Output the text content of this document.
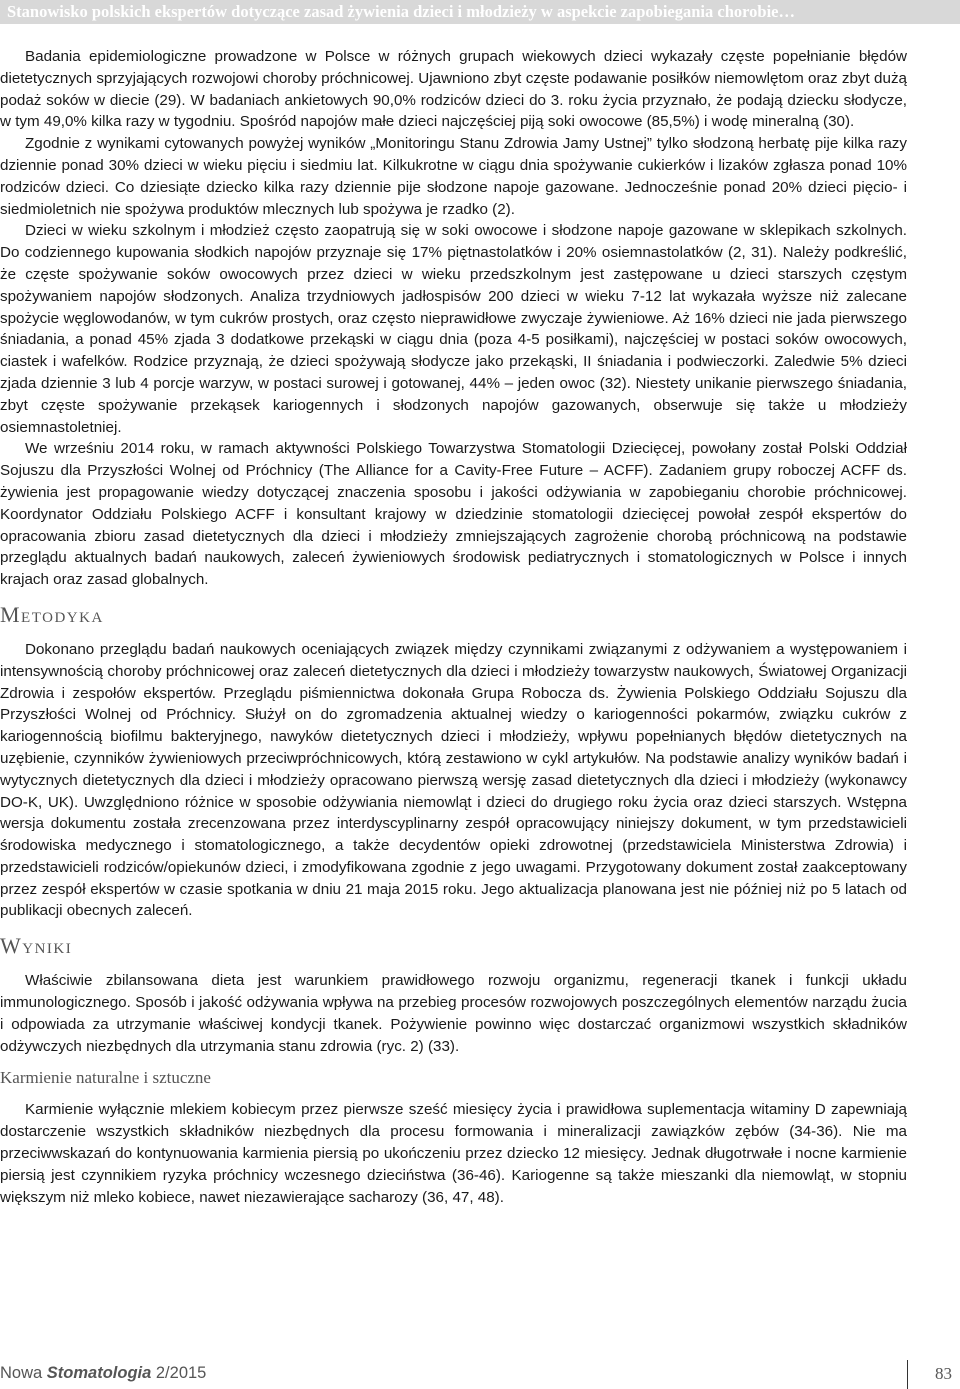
Stanowisko polskich ekspertów dotyczące zasad żywienia dzieci i młodzieży w aspekcie zapobiegania chorobie…

Badania epidemiologiczne prowadzone w Polsce w różnych grupach wiekowych dzieci wykazały częste popełnianie błędów dietetycznych sprzyjających rozwojowi choroby próchnicowej. Ujawniono zbyt częste podawanie posiłków niemowlętom oraz zbyt dużą podaż soków w diecie (29). W badaniach ankietowych 90,0% rodziców dzieci do 3. roku życia przyznało, że podają dziecku słodycze, w tym 49,0% kilka razy w tygodniu. Spośród napojów małe dzieci najczęściej piją soki owocowe (85,5%) i wodę mineralną (30).

Zgodnie z wynikami cytowanych powyżej wyników „Monitoringu Stanu Zdrowia Jamy Ustnej” tylko słodzoną herbatę pije kilka razy dziennie ponad 30% dzieci w wieku pięciu i siedmiu lat. Kilkukrotne w ciągu dnia spożywanie cukierków i lizaków zgłasza ponad 10% rodziców dzieci. Co dziesiąte dziecko kilka razy dziennie pije słodzone napoje gazowane. Jednocześnie ponad 20% dzieci pięcio- i siedmioletnich nie spożywa produktów mlecznych lub spożywa je rzadko (2).

Dzieci w wieku szkolnym i młodzież często zaopatrują się w soki owocowe i słodzone napoje gazowane w sklepikach szkolnych. Do codziennego kupowania słodkich napojów przyznaje się 17% piętnastolatków i 20% osiemnastolatków (2, 31). Należy podkreślić, że częste spożywanie soków owocowych przez dzieci w wieku przedszkolnym jest zastępowane u dzieci starszych częstym spożywaniem napojów słodzonych. Analiza trzydniowych jadłospisów 200 dzieci w wieku 7-12 lat wykazała wyższe niż zalecane spożycie węglowodanów, w tym cukrów prostych, oraz często nieprawidłowe zwyczaje żywieniowe. Aż 16% dzieci nie jada pierwszego śniadania, a ponad 45% zjada 3 dodatkowe przekąski w ciągu dnia (poza 4-5 posiłkami), najczęściej w postaci soków owocowych, ciastek i wafelków. Rodzice przyznają, że dzieci spożywają słodycze jako przekąski, II śniadania i podwieczorki. Zaledwie 5% dzieci zjada dziennie 3 lub 4 porcje warzyw, w postaci surowej i gotowanej, 44% – jeden owoc (32). Niestety unikanie pierwszego śniadania, zbyt częste spożywanie przekąsek kariogennych i słodzonych napojów gazowanych, obserwuje się także u młodzieży osiemnastoletniej.

We wrześniu 2014 roku, w ramach aktywności Polskiego Towarzystwa Stomatologii Dziecięcej, powołany został Polski Oddział Sojuszu dla Przyszłości Wolnej od Próchnicy (The Alliance for a Cavity-Free Future – ACFF). Zadaniem grupy roboczej ACFF ds. żywienia jest propagowanie wiedzy dotyczącej znaczenia sposobu i jakości odżywiania w zapobieganiu chorobie próchnicowej. Koordynator Oddziału Polskiego ACFF i konsultant krajowy w dziedzinie stomatologii dziecięcej powołał zespół ekspertów do opracowania zbioru zasad dietetycznych dla dzieci i młodzieży zmniejszających zagrożenie chorobą próchnicową na podstawie przeglądu aktualnych badań naukowych, zaleceń żywieniowych środowisk pediatrycznych i stomatologicznych w Polsce i innych krajach oraz zasad globalnych.

Metodyka

Dokonano przeglądu badań naukowych oceniających związek między czynnikami związanymi z odżywaniem a występowaniem i intensywnością choroby próchnicowej oraz zaleceń dietetycznych dla dzieci i młodzieży towarzystw naukowych, Światowej Organizacji Zdrowia i zespołów ekspertów. Przeglądu piśmiennictwa dokonała Grupa Robocza ds. Żywienia Polskiego Oddziału Sojuszu dla Przyszłości Wolnej od Próchnicy. Służył on do zgromadzenia aktualnej wiedzy o kariogenności pokarmów, związku cukrów z kariogennością biofilmu bakteryjnego, nawyków dietetycznych dzieci i młodzieży, wpływu popełnianych błędów dietetycznych na uzębienie, czynników żywieniowych przeciwpróchnicowych, którą zestawiono w cykl artykułów. Na podstawie analizy wyników badań i wytycznych dietetycznych dla dzieci i młodzieży opracowano pierwszą wersję zasad dietetycznych dla dzieci i młodzieży (wykonawcy DO-K, UK). Uwzględniono różnice w sposobie odżywiania niemowląt i dzieci do drugiego roku życia oraz dzieci starszych. Wstępna wersja dokumentu została zrecenzowana przez interdyscyplinarny zespół opracowujący niniejszy dokument, w tym przedstawicieli środowiska medycznego i stomatologicznego, a także decydentów opieki zdrowotnej (przedstawiciela Ministerstwa Zdrowia) i przedstawicieli rodziców/opiekunów dzieci, i zmodyfikowana zgodnie z jego uwagami. Przygotowany dokument został zaakceptowany przez zespół ekspertów w czasie spotkania w dniu 21 maja 2015 roku. Jego aktualizacja planowana jest nie później niż po 5 latach od publikacji obecnych zaleceń.

Wyniki

Właściwie zbilansowana dieta jest warunkiem prawidłowego rozwoju organizmu, regeneracji tkanek i funkcji układu immunologicznego. Sposób i jakość odżywania wpływa na przebieg procesów rozwojowych poszczególnych elementów narządu żucia i odpowiada za utrzymanie właściwej kondycji tkanek. Pożywienie powinno więc dostarczać organizmowi wszystkich składników odżywczych niezbędnych dla utrzymania stanu zdrowia (ryc. 2) (33).

Karmienie naturalne i sztuczne

Karmienie wyłącznie mlekiem kobiecym przez pierwsze sześć miesięcy życia i prawidłowa suplementacja witaminy D zapewniają dostarczenie wszystkich składników niezbędnych dla procesu formowania i mineralizacji zawiązków zębów (34-36). Nie ma przeciwwskazań do kontynuowania karmienia piersią po ukończeniu przez dziecko 12 miesięcy. Jednak długotrwałe i nocne karmienie piersią jest czynnikiem ryzyka próchnicy wczesnego dzieciństwa (36-46). Kariogenne są także mieszanki dla niemowląt, w stopniu większym niż mleko kobiece, nawet niezawierające sacharozy (36, 47, 48).

Nowa Stomatologia 2/2015	83
